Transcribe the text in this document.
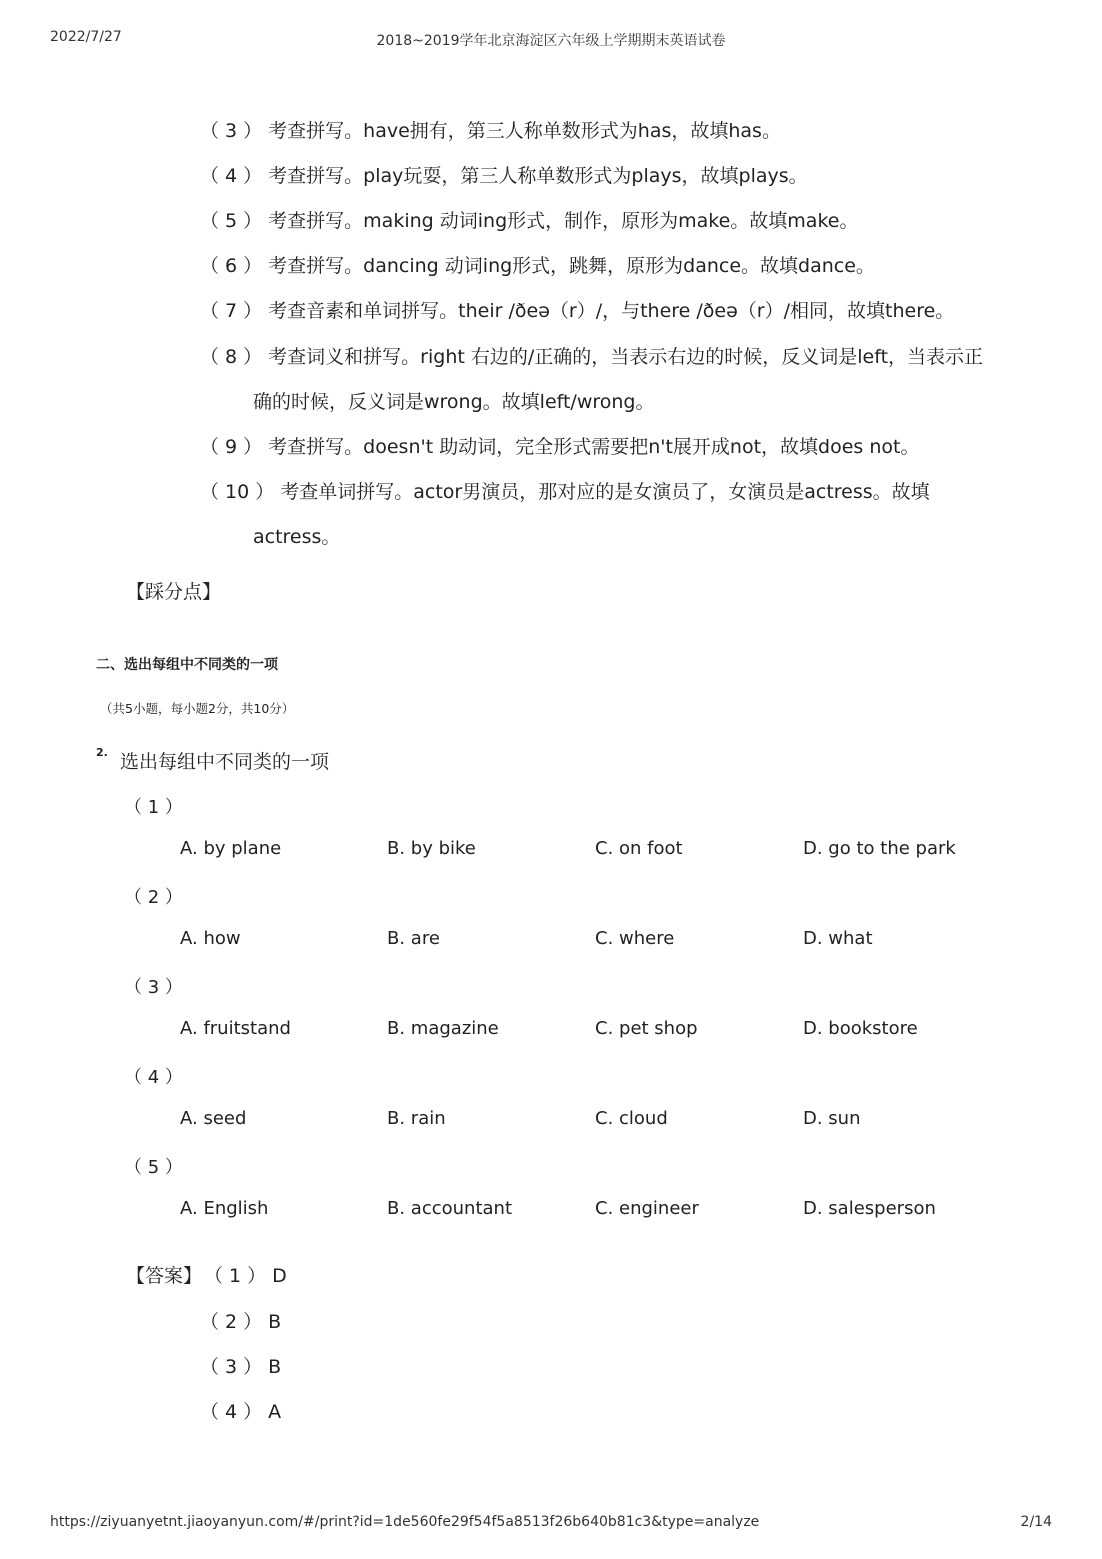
2022/7/27	2018~2019学年北京海淀区六年级上学期期末英语试卷
（ 3 ） 考查拼写。have拥有，第三人称单数形式为has，故填has。
（ 4 ） 考查拼写。play玩耍，第三人称单数形式为plays，故填plays。
（ 5 ） 考查拼写。making 动词ing形式，制作，原形为make。故填make。
（ 6 ） 考查拼写。dancing 动词ing形式，跳舞，原形为dance。故填dance。
（ 7 ） 考查音素和单词拼写。their /ðeə（r）/，与there /ðeə（r）/相同，故填there。
（ 8 ） 考查词义和拼写。right 右边的/正确的，当表示右边的时候，反义词是left，当表示正
确的时候，反义词是wrong。故填left/wrong。
（ 9 ） 考查拼写。doesn't 助动词，完全形式需要把n't展开成not，故填does not。
（ 10 ） 考查单词拼写。actor男演员，那对应的是女演员了，女演员是actress。故填
actress。
【踩分点】
二、选出每组中不同类的一项
（共5小题，每小题2分，共10分）
2. 选出每组中不同类的一项
（ 1 ）
A. by plane	B. by bike	C. on foot	D. go to the park
（ 2 ）
A. how	B. are	C. where	D. what
（ 3 ）
A. fruitstand	B. magazine	C. pet shop	D. bookstore
（ 4 ）
A. seed	B. rain	C. cloud	D. sun
（ 5 ）
A. English	B. accountant	C. engineer	D. salesperson
【答案】 （ 1 ） D
（ 2 ） B
（ 3 ） B
（ 4 ） A
https://ziyuanyetnt.jiaoyanyun.com/#/print?id=1de560fe29f54f5a8513f26b640b81c3&type=analyze	2/14
